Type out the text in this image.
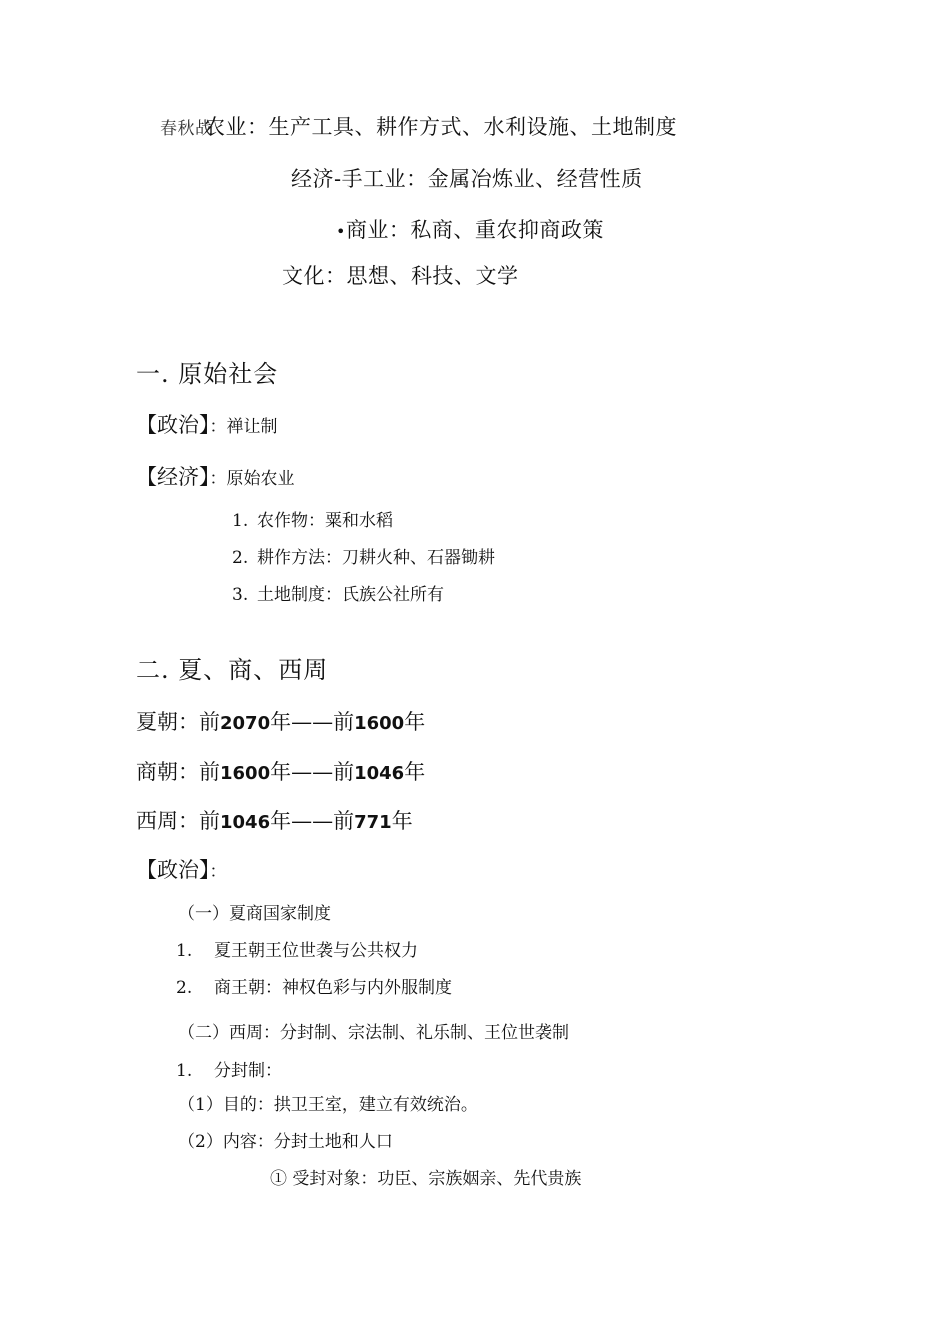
春秋战
农业：生产工具、耕作方式、水利设施、土地制度
经济-手工业：金属冶炼业、经营性质
•商业：私商、重农抑商政策
文化：思想、科技、文学
一. 原始社会
【政治】：禅让制
【经济】：原始农业
1. 农作物：粟和水稻
2. 耕作方法：刀耕火种、石器锄耕
3. 土地制度：氏族公社所有
二. 夏、商、西周
夏朝：前2070年——前1600年
商朝：前1600年——前1046年
西周：前1046年——前771年
【政治】：
（一）夏商国家制度
1. 夏王朝王位世袭与公共权力
2. 商王朝：神权色彩与内外服制度
（二）西周：分封制、宗法制、礼乐制、王位世袭制
1. 分封制：
（1）目的：拱卫王室，建立有效统治。
（2）内容：分封土地和人口
① 受封对象：功臣、宗族姻亲、先代贵族
